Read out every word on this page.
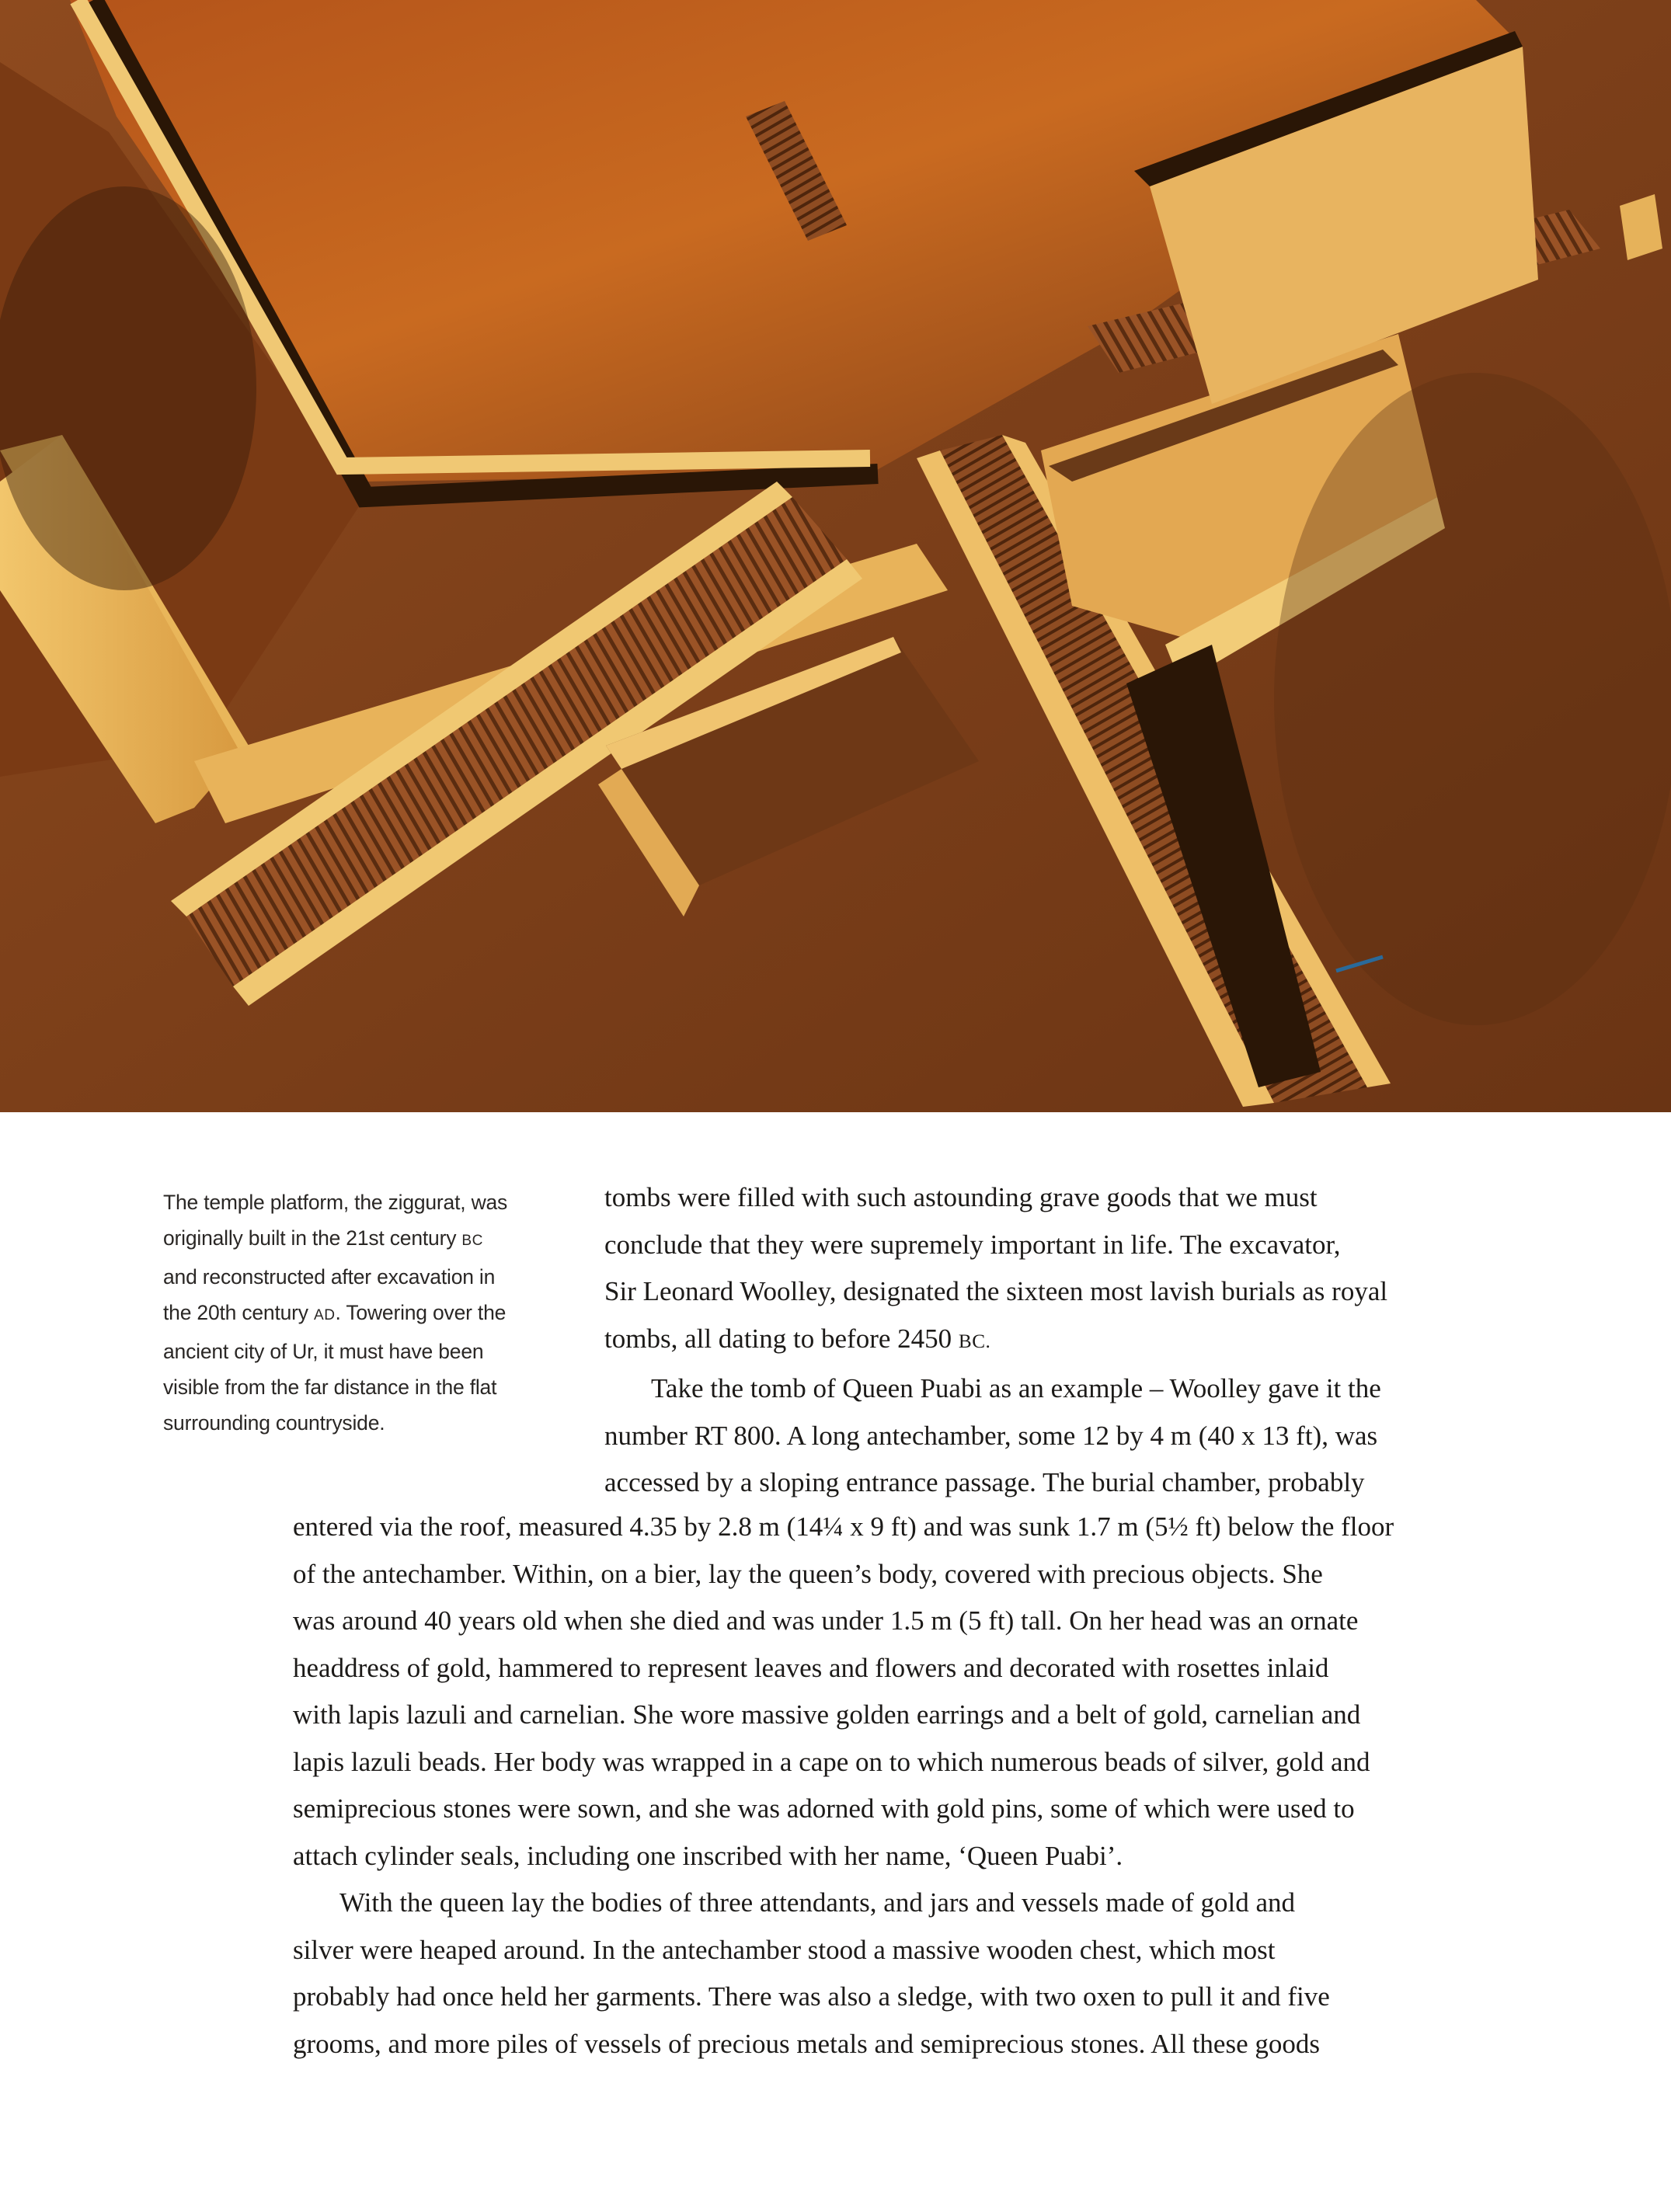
The temple platform, the ziggurat, was
originally built in the 21st century BC
and reconstructed after excavation in
the 20th century AD. Towering over the
ancient city of Ur, it must have been
visible from the far distance in the flat
surrounding countryside.
tombs were filled with such astounding grave goods that we must
conclude that they were supremely important in life. The excavator,
Sir Leonard Woolley, designated the sixteen most lavish burials as royal
tombs, all dating to before 2450 BC.
Take the tomb of Queen Puabi as an example – Woolley gave it the
number RT 800. A long antechamber, some 12 by 4 m (40 x 13 ft), was
accessed by a sloping entrance passage. The burial chamber, probably
entered via the roof, measured 4.35 by 2.8 m (14¼ x 9 ft) and was sunk 1.7 m (5½ ft) below the floor
of the antechamber. Within, on a bier, lay the queen’s body, covered with precious objects. She
was around 40 years old when she died and was under 1.5 m (5 ft) tall. On her head was an ornate
headdress of gold, hammered to represent leaves and flowers and decorated with rosettes inlaid
with lapis lazuli and carnelian. She wore massive golden earrings and a belt of gold, carnelian and
lapis lazuli beads. Her body was wrapped in a cape on to which numerous beads of silver, gold and
semiprecious stones were sown, and she was adorned with gold pins, some of which were used to
attach cylinder seals, including one inscribed with her name, ‘Queen Puabi’.
With the queen lay the bodies of three attendants, and jars and vessels made of gold and
silver were heaped around. In the antechamber stood a massive wooden chest, which most
probably had once held her garments. There was also a sledge, with two oxen to pull it and five
grooms, and more piles of vessels of precious metals and semiprecious stones. All these goods
